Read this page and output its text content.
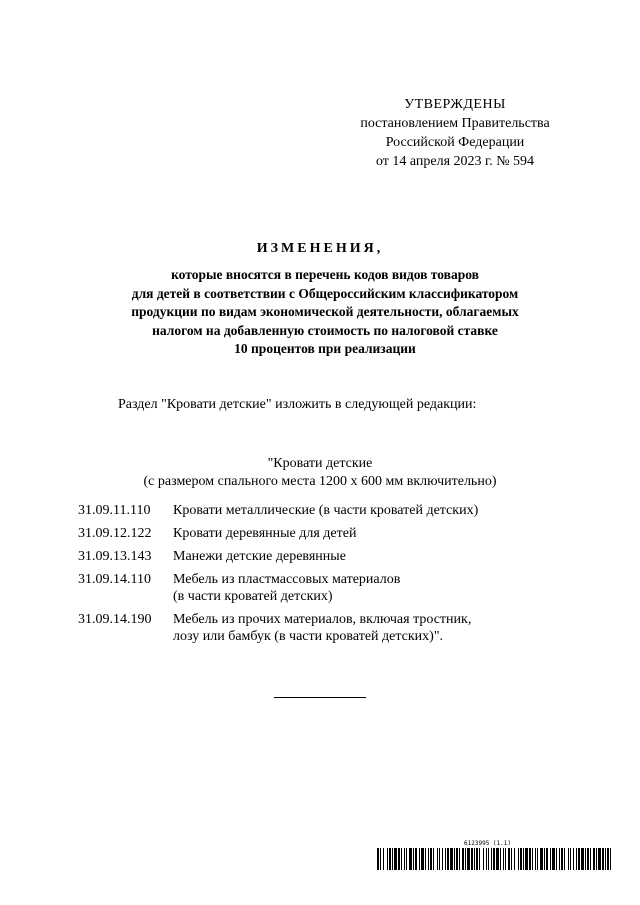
УТВЕРЖДЕНЫ
постановлением Правительства
Российской Федерации
от 14 апреля 2023 г. № 594
ИЗМЕНЕНИЯ,
которые вносятся в перечень кодов видов товаров
для детей в соответствии с Общероссийским классификатором
продукции по видам экономической деятельности, облагаемых
налогом на добавленную стоимость по налоговой ставке
10 процентов при реализации
Раздел "Кровати детские" изложить в следующей редакции:
"Кровати детские
(с размером спального места 1200 х 600 мм включительно)
31.09.11.110	Кровати металлические (в части кроватей детских)
31.09.12.122	Кровати деревянные для детей
31.09.13.143	Манежи детские деревянные
31.09.14.110	Мебель из пластмассовых материалов
(в части кроватей детских)
31.09.14.190	Мебель из прочих материалов, включая тростник,
лозу или бамбук (в части кроватей детских)".
6123995 (1.1)
